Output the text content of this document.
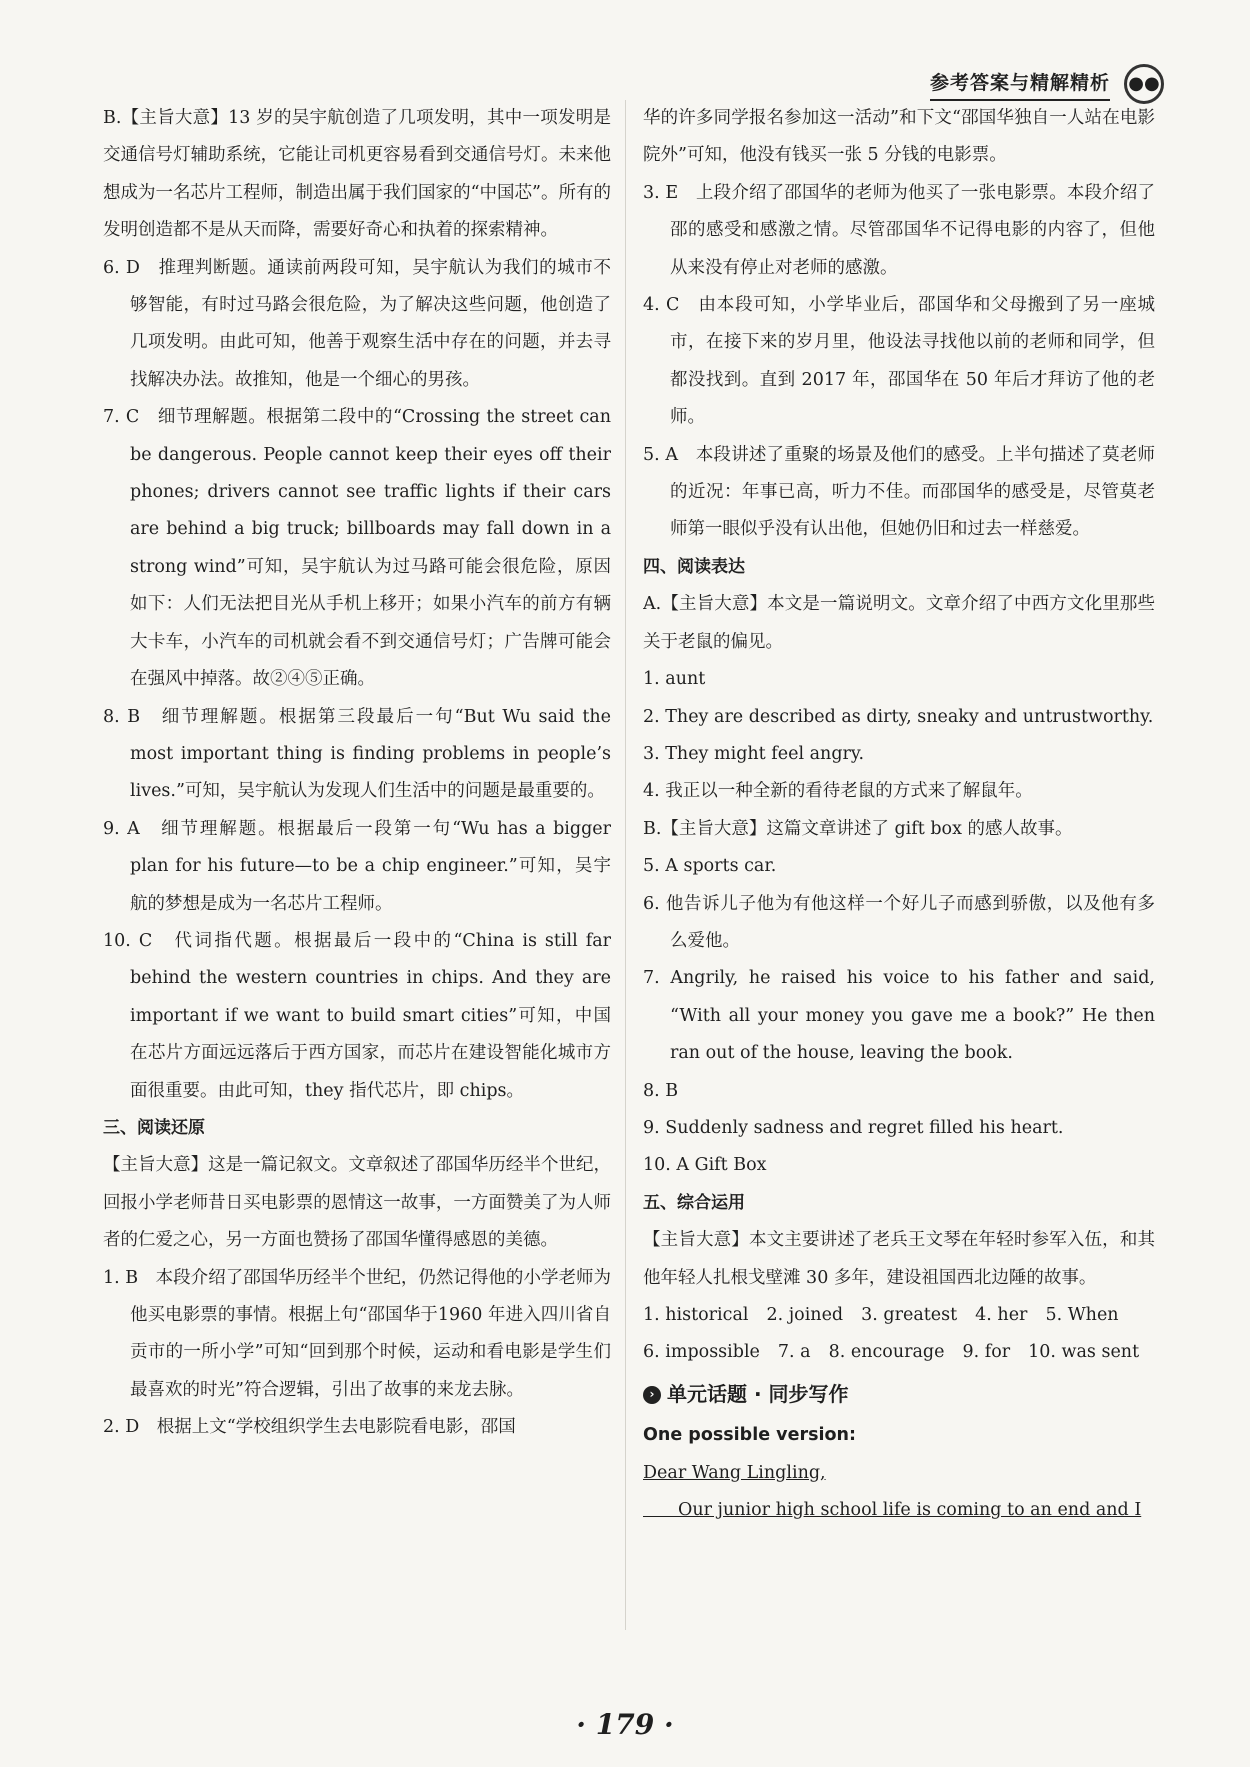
参考答案与精解精析 ●●

B.【主旨大意】13 岁的吴宇航创造了几项发明，其中一项发明是交通信号灯辅助系统，它能让司机更容易看到交通信号灯。未来他想成为一名芯片工程师，制造出属于我们国家的“中国芯”。所有的发明创造都不是从天而降，需要好奇心和执着的探索精神。

6. D　推理判断题。通读前两段可知，吴宇航认为我们的城市不够智能，有时过马路会很危险，为了解决这些问题，他创造了几项发明。由此可知，他善于观察生活中存在的问题，并去寻找解决办法。故推知，他是一个细心的男孩。

7. C　细节理解题。根据第二段中的“Crossing the street can be dangerous. People cannot keep their eyes off their phones; drivers cannot see traffic lights if their cars are behind a big truck; billboards may fall down in a strong wind”可知，吴宇航认为过马路可能会很危险，原因如下：人们无法把目光从手机上移开；如果小汽车的前方有辆大卡车，小汽车的司机就会看不到交通信号灯；广告牌可能会在强风中掉落。故②④⑤正确。

8. B　细节理解题。根据第三段最后一句“But Wu said the most important thing is finding problems in people’s lives.”可知，吴宇航认为发现人们生活中的问题是最重要的。

9. A　细节理解题。根据最后一段第一句“Wu has a bigger plan for his future—to be a chip engineer.”可知，吴宇航的梦想是成为一名芯片工程师。

10. C　代词指代题。根据最后一段中的“China is still far behind the western countries in chips. And they are important if we want to build smart cities”可知，中国在芯片方面远远落后于西方国家，而芯片在建设智能化城市方面很重要。由此可知，they 指代芯片，即 chips。

三、阅读还原

【主旨大意】这是一篇记叙文。文章叙述了邵国华历经半个世纪，回报小学老师昔日买电影票的恩情这一故事，一方面赞美了为人师者的仁爱之心，另一方面也赞扬了邵国华懂得感恩的美德。

1. B　本段介绍了邵国华历经半个世纪，仍然记得他的小学老师为他买电影票的事情。根据上句“邵国华于1960 年进入四川省自贡市的一所小学”可知“回到那个时候，运动和看电影是学生们最喜欢的时光”符合逻辑，引出了故事的来龙去脉。

2. D　根据上文“学校组织学生去电影院看电影，邵国

华的许多同学报名参加这一活动”和下文“邵国华独自一人站在电影院外”可知，他没有钱买一张 5 分钱的电影票。

3. E　上段介绍了邵国华的老师为他买了一张电影票。本段介绍了邵的感受和感激之情。尽管邵国华不记得电影的内容了，但他从来没有停止对老师的感激。

4. C　由本段可知，小学毕业后，邵国华和父母搬到了另一座城市，在接下来的岁月里，他设法寻找他以前的老师和同学，但都没找到。直到 2017 年，邵国华在 50 年后才拜访了他的老师。

5. A　本段讲述了重聚的场景及他们的感受。上半句描述了莫老师的近况：年事已高，听力不佳。而邵国华的感受是，尽管莫老师第一眼似乎没有认出他，但她仍旧和过去一样慈爱。

四、阅读表达

A.【主旨大意】本文是一篇说明文。文章介绍了中西方文化里那些关于老鼠的偏见。

1. aunt

2. They are described as dirty, sneaky and untrustworthy.

3. They might feel angry.

4. 我正以一种全新的看待老鼠的方式来了解鼠年。

B.【主旨大意】这篇文章讲述了 gift box 的感人故事。

5. A sports car.

6. 他告诉儿子他为有他这样一个好儿子而感到骄傲，以及他有多么爱他。

7. Angrily, he raised his voice to his father and said, “With all your money you gave me a book?” He then ran out of the house, leaving the book.

8. B

9. Suddenly sadness and regret filled his heart.

10. A Gift Box

五、综合运用

【主旨大意】本文主要讲述了老兵王文琴在年轻时参军入伍，和其他年轻人扎根戈壁滩 30 多年，建设祖国西北边陲的故事。

1. historical 2. joined 3. greatest 4. her 5. When
6. impossible 7. a 8. encourage 9. for 10. was sent
› 单元话题 · 同步写作

One possible version:

Dear Wang Lingling,

　　Our junior high school life is coming to an end and I

· 179 ·
